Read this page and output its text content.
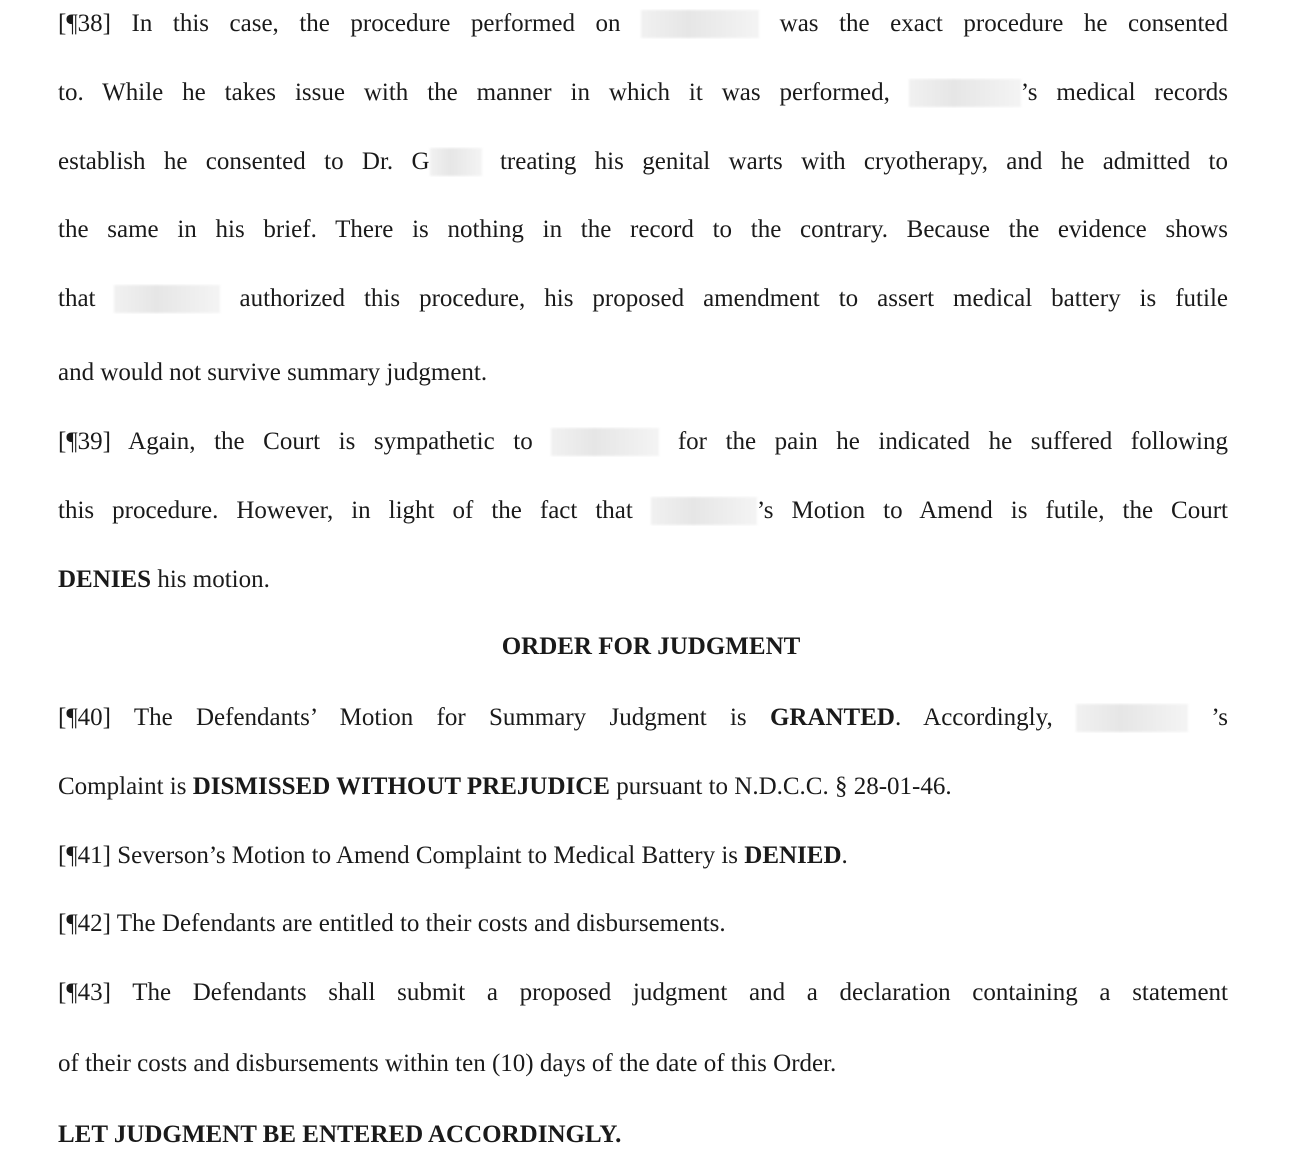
[¶38] In this case, the procedure performed on	was the exact procedure he consented
to. While he takes issue with the manner in which it was performed,	’s medical records
establish he consented to Dr. G treating his genital warts with cryotherapy, and he admitted to
the same in his brief. There is nothing in the record to the contrary. Because the evidence shows
that	authorized this procedure, his proposed amendment to assert medical battery is futile
and would not survive summary judgment.
[¶39] Again, the Court is sympathetic to	for the pain he indicated he suffered following
this procedure. However, in light of the fact that	’s Motion to Amend is futile, the Court
DENIES his motion.
ORDER FOR JUDGMENT
[¶40] The Defendants’ Motion for Summary Judgment is GRANTED. Accordingly,	’s
Complaint is DISMISSED WITHOUT PREJUDICE pursuant to N.D.C.C. § 28-01-46.
[¶41] Severson’s Motion to Amend Complaint to Medical Battery is DENIED.
[¶42] The Defendants are entitled to their costs and disbursements.
[¶43] The Defendants shall submit a proposed judgment and a declaration containing a statement
of their costs and disbursements within ten (10) days of the date of this Order.
LET JUDGMENT BE ENTERED ACCORDINGLY.
